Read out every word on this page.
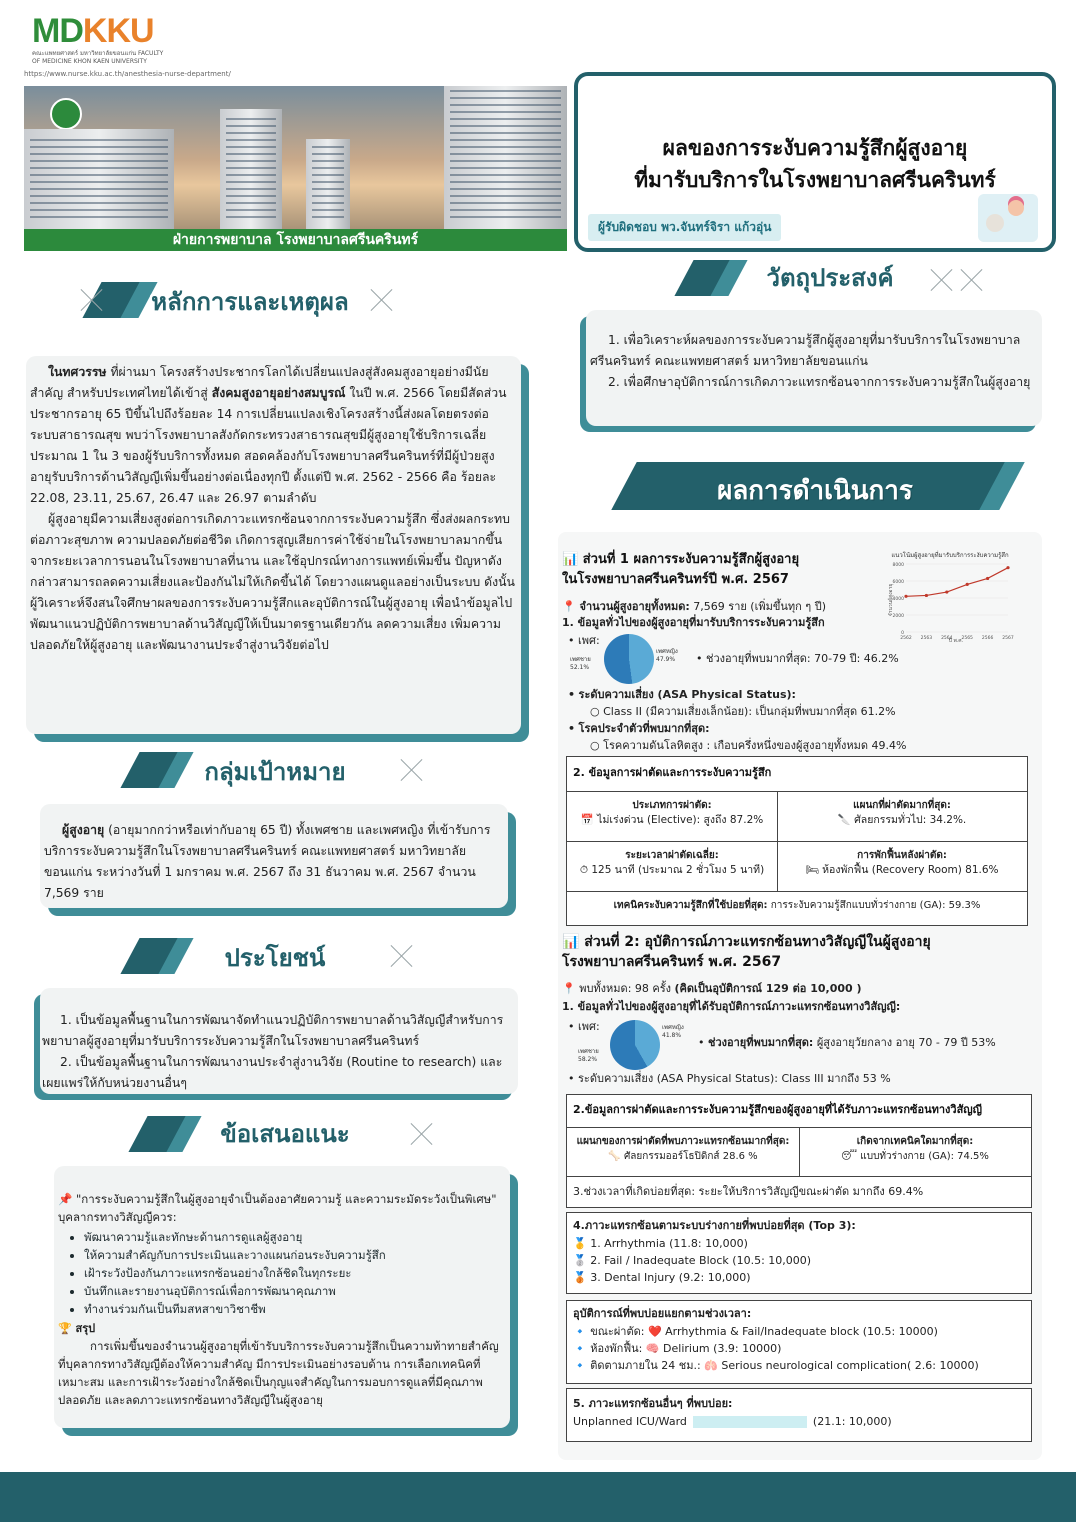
MDKKU
คณะแพทยศาสตร์ มหาวิทยาลัยขอนแก่น FACULTY OF MEDICINE KHON KAEN UNIVERSITY
https://www.nurse.kku.ac.th/anesthesia-nurse-department/
ฝ่ายการพยาบาล โรงพยาบาลศรีนครินทร์
ผลของการระงับความรู้สึกผู้สูงอายุ
ที่มารับบริการในโรงพยาบาลศรีนครินทร์
ผู้รับผิดชอบ พว.จันทร์จิรา แก้วอุ่น
หลักการและเหตุผล

ในทศวรรษ ที่ผ่านมา โครงสร้างประชากรโลกได้เปลี่ยนแปลงสู่สังคมสูงอายุอย่างมีนัยสำคัญ สำหรับประเทศไทยได้เข้าสู่ สังคมสูงอายุอย่างสมบูรณ์ ในปี พ.ศ. 2566 โดยมีสัดส่วนประชากรอายุ 65 ปีขึ้นไปถึงร้อยละ 14 การเปลี่ยนแปลงเชิงโครงสร้างนี้ส่งผลโดยตรงต่อระบบสาธารณสุข พบว่าโรงพยาบาลสังกัดกระทรวงสาธารณสุขมีผู้สูงอายุใช้บริการเฉลี่ยประมาณ 1 ใน 3 ของผู้รับบริการทั้งหมด สอดคล้องกับโรงพยาบาลศรีนครินทร์ที่มีผู้ป่วยสูงอายุรับบริการด้านวิสัญญีเพิ่มขึ้นอย่างต่อเนื่องทุกปี ตั้งแต่ปี พ.ศ. 2562 - 2566 คือ ร้อยละ 22.08, 23.11, 25.67, 26.47 และ 26.97 ตามลำดับ

ผู้สูงอายุมีความเสี่ยงสูงต่อการเกิดภาวะแทรกซ้อนจากการระงับความรู้สึก ซึ่งส่งผลกระทบต่อภาวะสุขภาพ ความปลอดภัยต่อชีวิต เกิดการสูญเสียการค่าใช้จ่ายในโรงพยาบาลมากขึ้น จากระยะเวลาการนอนในโรงพยาบาลที่นาน และใช้อุปกรณ์ทางการแพทย์เพิ่มขึ้น ปัญหาดังกล่าวสามารถลดความเสี่ยงและป้องกันไม่ให้เกิดขึ้นได้ โดยวางแผนดูแลอย่างเป็นระบบ ดังนั้น ผู้วิเคราะห์จึงสนใจศึกษาผลของการระงับความรู้สึกและอุบัติการณ์ในผู้สูงอายุ เพื่อนำข้อมูลไปพัฒนาแนวปฏิบัติการพยาบาลด้านวิสัญญีให้เป็นมาตรฐานเดียวกัน ลดความเสี่ยง เพิ่มความปลอดภัยให้ผู้สูงอายุ และพัฒนางานประจำสู่งานวิจัยต่อไป

วัตถุประสงค์

1. เพื่อวิเคราะห์ผลของการระงับความรู้สึกผู้สูงอายุที่มารับบริการในโรงพยาบาลศรีนครินทร์ คณะแพทยศาสตร์ มหาวิทยาลัยขอนแก่น

2. เพื่อศึกษาอุบัติการณ์การเกิดภาวะแทรกซ้อนจากการระงับความรู้สึกในผู้สูงอายุ

ผลการดำเนินการ
กลุ่มเป้าหมาย

ผู้สูงอายุ (อายุมากกว่าหรือเท่ากับอายุ 65 ปี) ทั้งเพศชาย และเพศหญิง ที่เข้ารับการบริการระงับความรู้สึกในโรงพยาบาลศรีนครินทร์ คณะแพทยศาสตร์ มหาวิทยาลัยขอนแก่น ระหว่างวันที่ 1 มกราคม พ.ศ. 2567 ถึง 31 ธันวาคม พ.ศ. 2567 จำนวน 7,569 ราย

ประโยชน์

1. เป็นข้อมูลพื้นฐานในการพัฒนาจัดทำแนวปฏิบัติการพยาบาลด้านวิสัญญีสำหรับการพยาบาลผู้สูงอายุที่มารับบริการระงับความรู้สึกในโรงพยาบาลศรีนครินทร์

2. เป็นข้อมูลพื้นฐานในการพัฒนางานประจำสู่งานวิจัย (Routine to research) และเผยแพร่ให้กับหน่วยงานอื่นๆ

ข้อเสนอแนะ
📌 "การระงับความรู้สึกในผู้สูงอายุจำเป็นต้องอาศัยความรู้ และความระมัดระวังเป็นพิเศษ" บุคลากรทางวิสัญญีควร:
• พัฒนาความรู้และทักษะด้านการดูแลผู้สูงอายุ
• ให้ความสำคัญกับการประเมินและวางแผนก่อนระงับความรู้สึก
• เฝ้าระวังป้องกันภาวะแทรกซ้อนอย่างใกล้ชิดในทุกระยะ
• บันทึกและรายงานอุบัติการณ์เพื่อการพัฒนาคุณภาพ
• ทำงานร่วมกันเป็นทีมสหสาขาวิชาชีพ
🏆 สรุป
การเพิ่มขึ้นของจำนวนผู้สูงอายุที่เข้ารับบริการระงับความรู้สึกเป็นความท้าทายสำคัญที่บุคลากรทางวิสัญญีต้องให้ความสำคัญ มีการประเมินอย่างรอบด้าน การเลือกเทคนิคที่เหมาะสม และการเฝ้าระวังอย่างใกล้ชิดเป็นกุญแจสำคัญในการมอบการดูแลที่มีคุณภาพ ปลอดภัย และลดภาวะแทรกซ้อนทางวิสัญญีในผู้สูงอายุ
📊 ส่วนที่ 1 ผลการระงับความรู้สึกผู้สูงอายุ
ในโรงพยาบาลศรีนครินทร์ปี พ.ศ. 2567
แนวโน้มผู้สูงอายุที่มารับบริการระงับความรู้สึก
จำนวนผู้สูงอายุ
ปี พ.ศ.
0
2000
4000
6000
8000
2562 2563 2564 2565 2566 2567
📍 จำนวนผู้สูงอายุทั้งหมด: 7,569 ราย (เพิ่มขึ้นทุก ๆ ปี)
1. ข้อมูลทั่วไปของผู้สูงอายุที่มารับบริการระงับความรู้สึก
• เพศ:
เพศชาย 52.1%
เพศหญิง 47.9%	• ช่วงอายุที่พบมากที่สุด: 70-79 ปี: 46.2%
• ระดับความเสี่ยง (ASA Physical Status):
○ Class II (มีความเสี่ยงเล็กน้อย): เป็นกลุ่มที่พบมากที่สุด 61.2%
• โรคประจำตัวที่พบมากที่สุด:
○ โรคความดันโลหิตสูง : เกือบครึ่งหนึ่งของผู้สูงอายุทั้งหมด 49.4%
2. ข้อมูลการผ่าตัดและการระงับความรู้สึก
ประเภทการผ่าตัด:
📅 ไม่เร่งด่วน (Elective): สูงถึง 87.2%
แผนกที่ผ่าตัดมากที่สุด:
🔪 ศัลยกรรมทั่วไป: 34.2%.
ระยะเวลาผ่าตัดเฉลี่ย:
⏱ 125 นาที (ประมาณ 2 ชั่วโมง 5 นาที)
การพักฟื้นหลังผ่าตัด:
🛏 ห้องพักฟื้น (Recovery Room) 81.6%
เทคนิคระงับความรู้สึกที่ใช้บ่อยที่สุด: การระงับความรู้สึกแบบทั่วร่างกาย (GA): 59.3%
📊 ส่วนที่ 2: อุบัติการณ์ภาวะแทรกซ้อนทางวิสัญญีในผู้สูงอายุ
โรงพยาบาลศรีนครินทร์ พ.ศ. 2567
📍 พบทั้งหมด: 98 ครั้ง (คิดเป็นอุบัติการณ์ 129 ต่อ 10,000 )
1. ข้อมูลทั่วไปของผู้สูงอายุที่ได้รับอุบัติการณ์ภาวะแทรกซ้อนทางวิสัญญี:
• เพศ:
เพศชาย 58.2%
เพศหญิง 41.8%
• ช่วงอายุที่พบมากที่สุด: ผู้สูงอายุวัยกลาง อายุ 70 - 79 ปี 53%
• ระดับความเสี่ยง (ASA Physical Status): Class III มากถึง 53 %
2.ข้อมูลการผ่าตัดและการระงับความรู้สึกของผู้สูงอายุที่ได้รับภาวะแทรกซ้อนทางวิสัญญี
แผนกของการผ่าตัดที่พบภาวะแทรกซ้อนมากที่สุด:
🦴 ศัลยกรรมออร์โธปิดิกส์ 28.6 %
เกิดจากเทคนิคใดมากที่สุด:
😴 แบบทั่วร่างกาย (GA): 74.5%
3.ช่วงเวลาที่เกิดบ่อยที่สุด: ระยะให้บริการวิสัญญีขณะผ่าตัด มากถึง 69.4%
4.ภาวะแทรกซ้อนตามระบบร่างกายที่พบบ่อยที่สุด (Top 3):
🥇 1. Arrhythmia (11.8: 10,000)
🥈 2. Fail / Inadequate Block (10.5: 10,000)
🥉 3. Dental Injury (9.2: 10,000)
อุบัติการณ์ที่พบบ่อยแยกตามช่วงเวลา:
🔹 ขณะผ่าตัด: ❤️ Arrhythmia & Fail/Inadequate block (10.5: 10000)
🔹 ห้องพักฟื้น: 🧠 Delirium (3.9: 10000)
🔹 ติดตามภายใน 24 ชม.: 🫁 Serious neurological complication( 2.6: 10000)
5. ภาวะแทรกซ้อนอื่นๆ ที่พบบ่อย:
Unplanned ICU/Ward	(21.1: 10,000)
